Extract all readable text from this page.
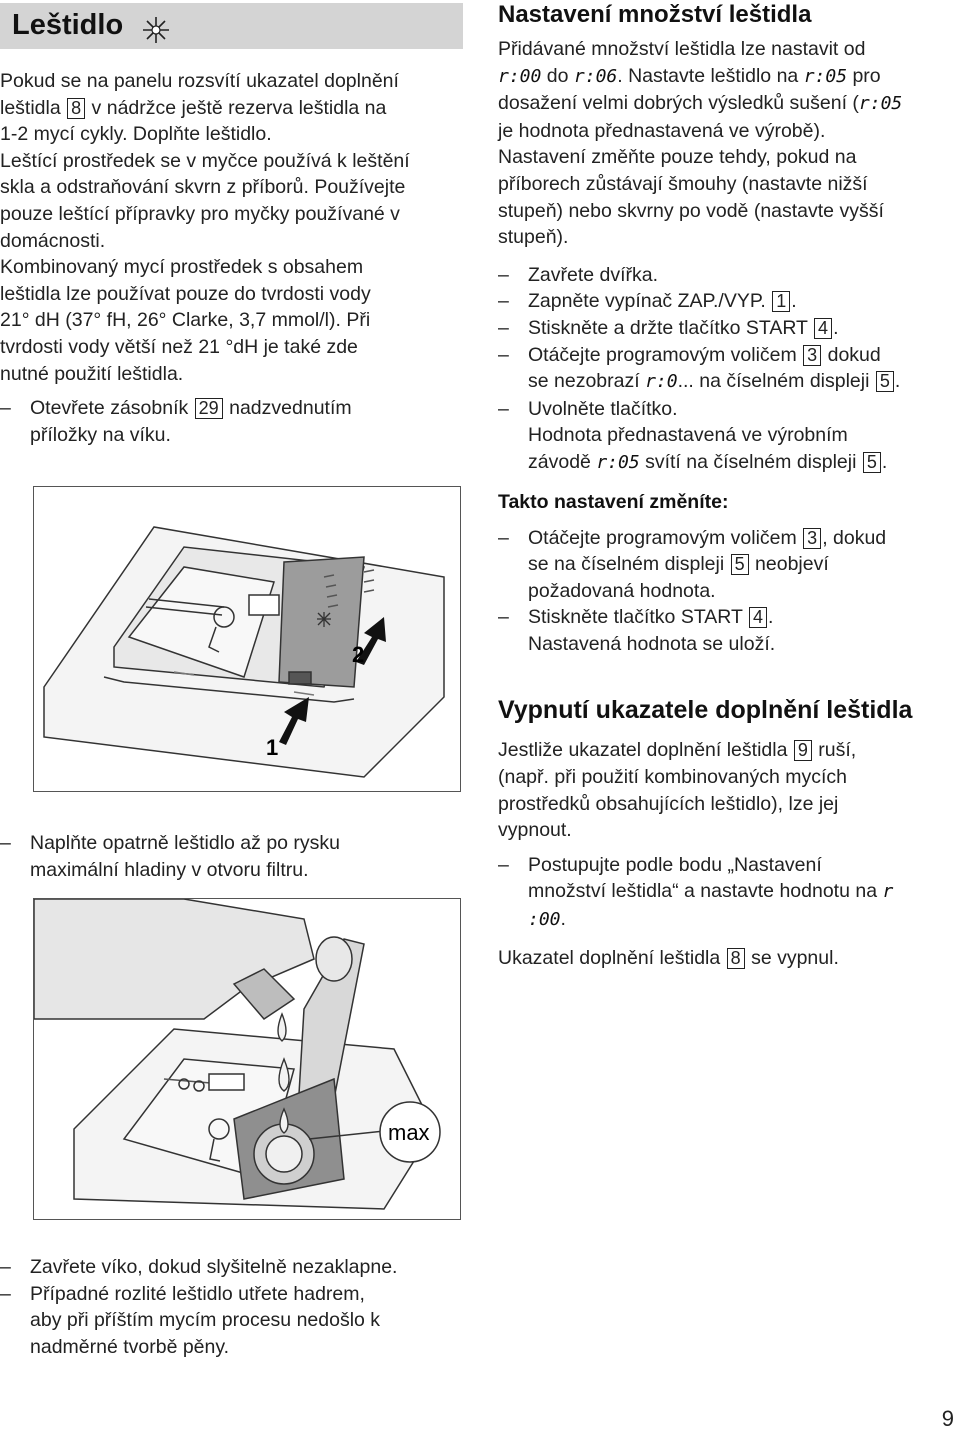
Leštidlo

Pokud se na panelu rozsvítí ukazatel doplnění

leštidla 8 v nádržce ještě rezerva leštidla na

1-2 mycí cykly. Doplňte leštidlo.

Leštící prostředek se v myčce používá k leštění

skla a odstraňování skvrn z příborů. Používejte

pouze leštící přípravky pro myčky používané v

domácnosti.

Kombinovaný mycí prostředek s obsahem

leštidla lze používat pouze do tvrdosti vody

21° dH (37° fH, 26° Clarke, 3,7 mmol/l). Při

tvrdosti vody větší než 21 °dH je také zde

nutné použití leštidla.

– Otevřete zásobník 29 nadzvednutím
příložky na víku.
1
2
– Naplňte opatrně leštidlo až po rysku
maximální hladiny v otvoru filtru.
max
– Zavřete víko, dokud slyšitelně nezaklapne.
– Případné rozlité leštidlo utřete hadrem,
aby při příštím mycím procesu nedošlo k
nadměrné tvorbě pěny.

Nastavení množství leštidla

Přidávané množství leštidla lze nastavit od

r:00 do r:06. Nastavte leštidlo na r:05 pro

dosažení velmi dobrých výsledků sušení (r:05

je hodnota přednastavená ve výrobě).

Nastavení změňte pouze tehdy, pokud na

příborech zůstávají šmouhy (nastavte nižší

stupeň) nebo skvrny po vodě (nastavte vyšší

stupeň).

– Zavřete dvířka.
– Zapněte vypínač ZAP./VYP. 1 .
– Stiskněte a držte tlačítko START 4 .
– Otáčejte programovým voličem 3 dokud
se nezobrazí r:0... na číselném displeji 5 .
– Uvolněte tlačítko.
Hodnota přednastavená ve výrobním
závodě r:05 svítí na číselném displeji 5 .

Takto nastavení změníte:

– Otáčejte programovým voličem 3 , dokud
se na číselném displeji 5 neobjeví
požadovaná hodnota.
– Stiskněte tlačítko START 4 .
Nastavená hodnota se uloží.

Vypnutí ukazatele doplnění leštidla

Jestliže ukazatel doplnění leštidla 9 ruší,

(např. při použití kombinovaných mycích

prostředků obsahujících leštidlo), lze jej

vypnout.

– Postupujte podle bodu „Nastavení
množství leštidla“ a nastavte hodnotu na r
:00.

Ukazatel doplnění leštidla 8 se vypnul.

9
